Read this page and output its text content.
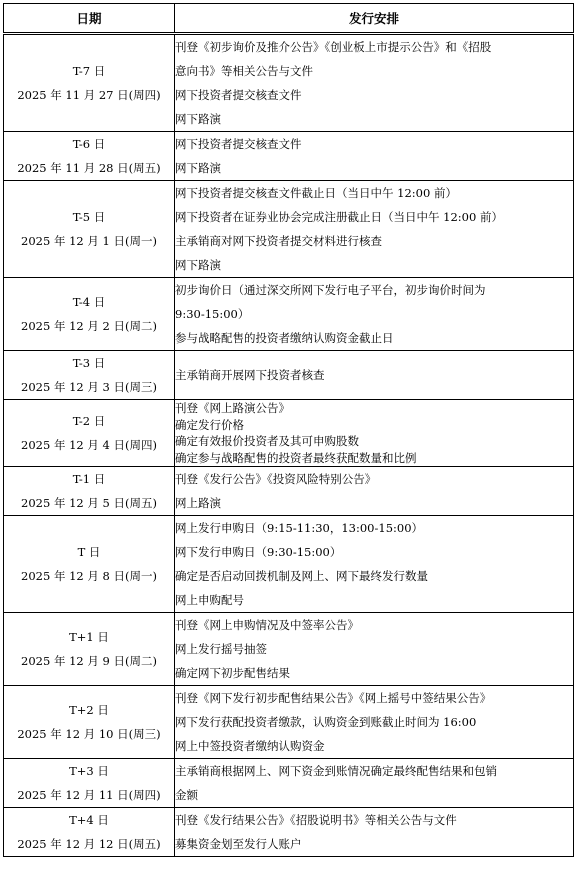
日期	发行安排

T-7 日
2025 年 11 月 27 日(周四)	刊登《初步询价及推介公告》《创业板上市提示公告》和《招股
意向书》等相关公告与文件
网下投资者提交核查文件
网下路演

T-6 日
2025 年 11 月 28 日(周五)	网下投资者提交核查文件
网下路演

T-5 日
2025 年 12 月 1 日(周一)	网下投资者提交核查文件截止日（当日中午 12:00 前）
网下投资者在证券业协会完成注册截止日（当日中午 12:00 前）
主承销商对网下投资者提交材料进行核查
网下路演

T-4 日
2025 年 12 月 2 日(周二)	初步询价日（通过深交所网下发行电子平台，初步询价时间为
9:30-15:00）
参与战略配售的投资者缴纳认购资金截止日

T-3 日
2025 年 12 月 3 日(周三)	主承销商开展网下投资者核查

T-2 日
2025 年 12 月 4 日(周四)	刊登《网上路演公告》
确定发行价格
确定有效报价投资者及其可申购股数
确定参与战略配售的投资者最终获配数量和比例

T-1 日
2025 年 12 月 5 日(周五)	刊登《发行公告》《投资风险特别公告》
网上路演

T 日
2025 年 12 月 8 日(周一)	网上发行申购日（9:15-11:30，13:00-15:00）
网下发行申购日（9:30-15:00）
确定是否启动回拨机制及网上、网下最终发行数量
网上申购配号

T+1 日
2025 年 12 月 9 日(周二)	刊登《网上申购情况及中签率公告》
网上发行摇号抽签
确定网下初步配售结果

T+2 日
2025 年 12 月 10 日(周三)	刊登《网下发行初步配售结果公告》《网上摇号中签结果公告》
网下发行获配投资者缴款，认购资金到账截止时间为 16:00
网上中签投资者缴纳认购资金

T+3 日
2025 年 12 月 11 日(周四)	主承销商根据网上、网下资金到账情况确定最终配售结果和包销
金额

T+4 日
2025 年 12 月 12 日(周五)	刊登《发行结果公告》《招股说明书》等相关公告与文件
募集资金划至发行人账户
